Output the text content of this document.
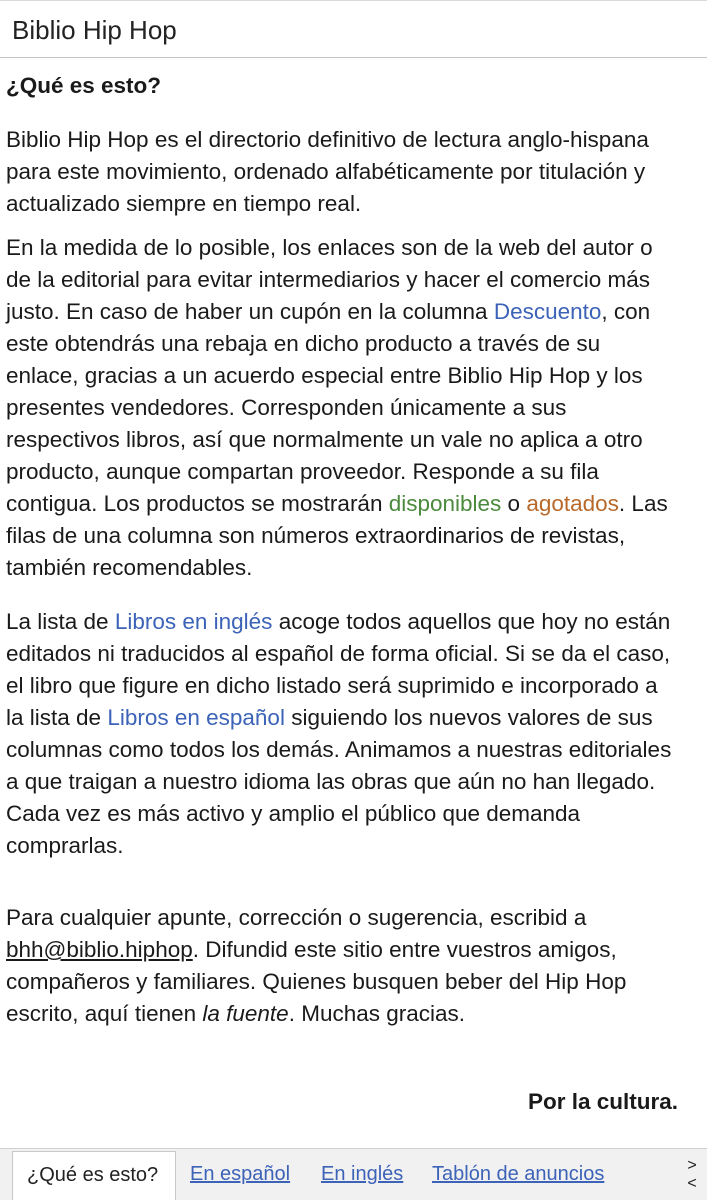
Biblio Hip Hop
¿Qué es esto?

Biblio Hip Hop es el directorio definitivo de lectura anglo-hispana para este movimiento, ordenado alfabéticamente por titulación y actualizado siempre en tiempo real.

En la medida de lo posible, los enlaces son de la web del autor o de la editorial para evitar intermediarios y hacer el comercio más justo. En caso de haber un cupón en la columna Descuento, con este obtendrás una rebaja en dicho producto a través de su enlace, gracias a un acuerdo especial entre Biblio Hip Hop y los presentes vendedores. Corresponden únicamente a sus respectivos libros, así que normalmente un vale no aplica a otro producto, aunque compartan proveedor. Responde a su fila contigua. Los productos se mostrarán disponibles o agotados. Las filas de una columna son números extraordinarios de revistas, también recomendables.

La lista de Libros en inglés acoge todos aquellos que hoy no están editados ni traducidos al español de forma oficial. Si se da el caso, el libro que figure en dicho listado será suprimido e incorporado a la lista de Libros en español siguiendo los nuevos valores de sus columnas como todos los demás. Animamos a nuestras editoriales a que traigan a nuestro idioma las obras que aún no han llegado. Cada vez es más activo y amplio el público que demanda comprarlas.

Para cualquier apunte, corrección o sugerencia, escribid a bhh@biblio.hiphop. Difundid este sitio entre vuestros amigos, compañeros y familiares. Quienes busquen beber del Hip Hop escrito, aquí tienen la fuente. Muchas gracias.

Por la cultura.
¿Qué es esto?	En español En inglés Tablón de anuncios	>
<
